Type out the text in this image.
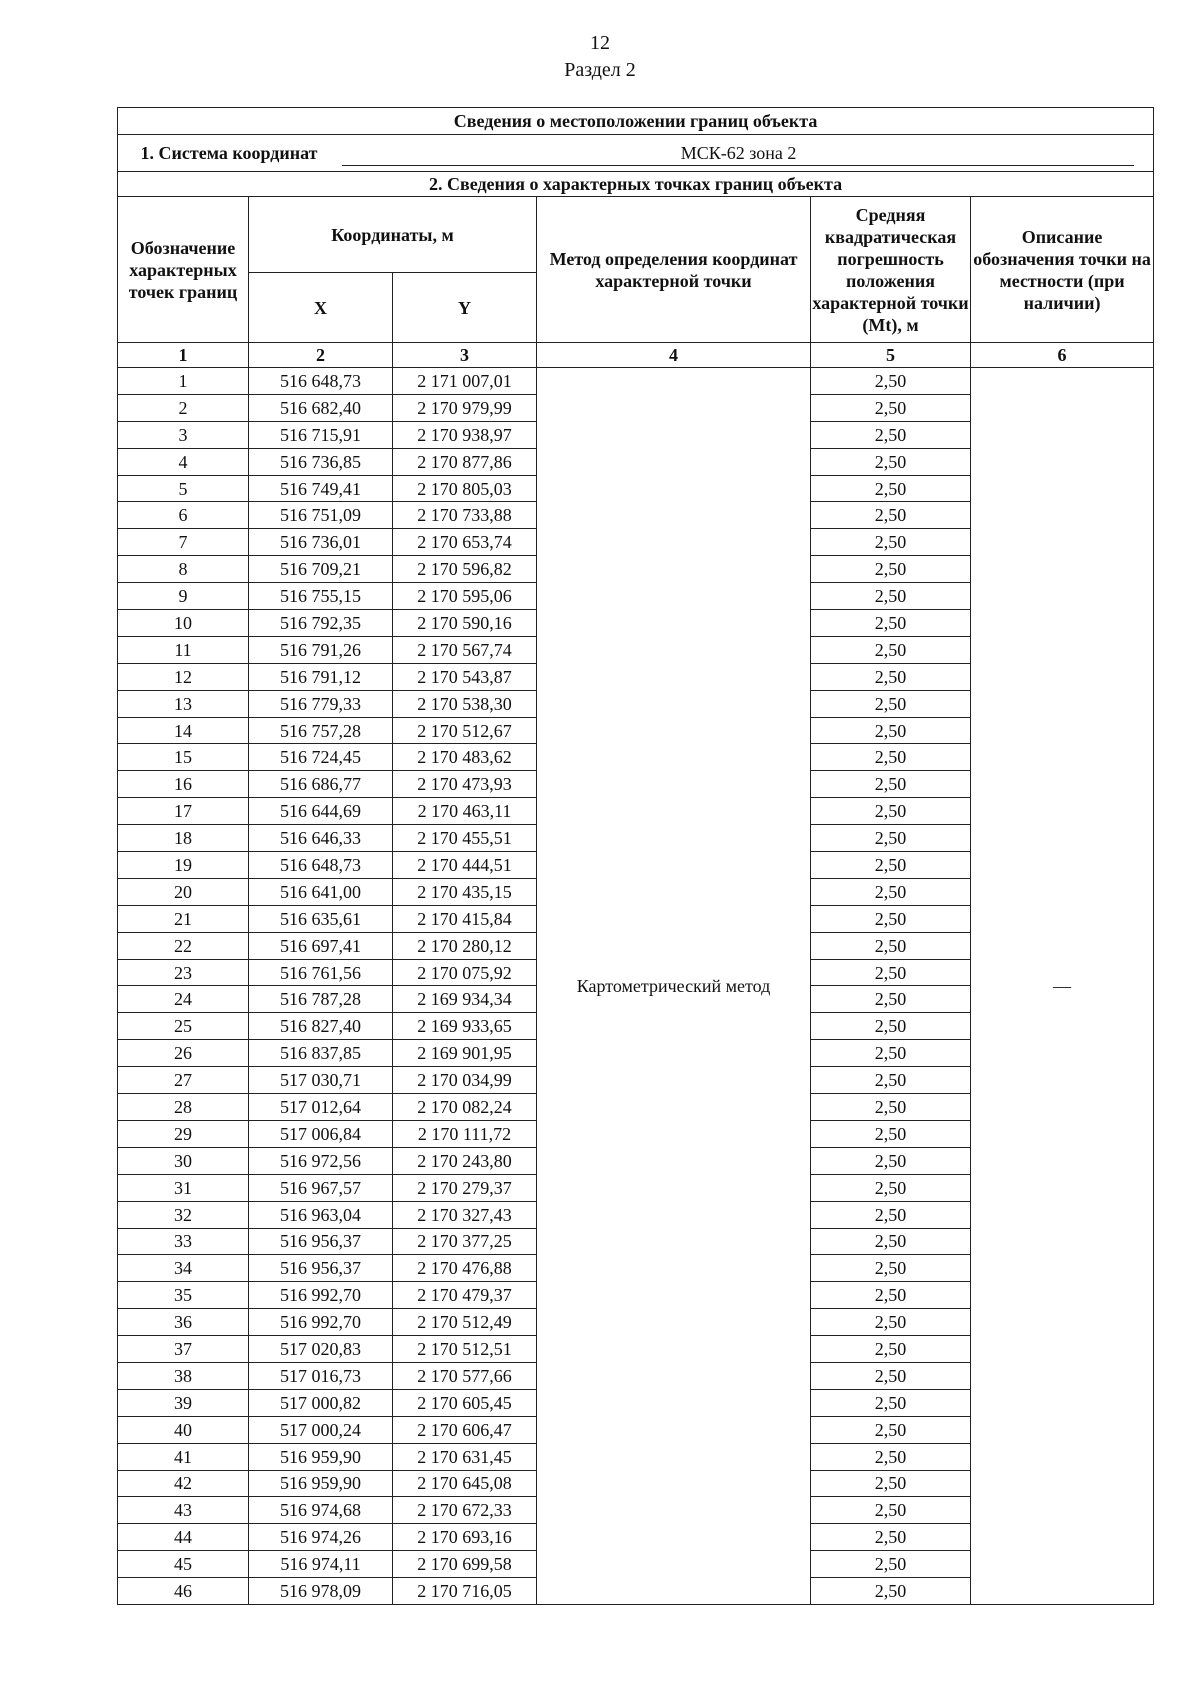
12
Раздел 2
Сведения о местоположении границ объекта					
1. Система координат МСК-62 зона 2					
2. Сведения о характерных точках границ объекта					
Обозначение характерных точек границ	Координаты, м		Метод определения координат характерной точки	Средняя квадратическая погрешность положения характерной точки (Mt), м	Описание обозначения точки на местности (при наличии)
	X	Y			
1	2	3	4	5	6
1	516 648,73	2 171 007,01	Картометрический метод	2,50	—
2	516 682,40	2 170 979,99		2,50	
3	516 715,91	2 170 938,97		2,50	
4	516 736,85	2 170 877,86		2,50	
5	516 749,41	2 170 805,03		2,50	
6	516 751,09	2 170 733,88		2,50	
7	516 736,01	2 170 653,74		2,50	
8	516 709,21	2 170 596,82		2,50	
9	516 755,15	2 170 595,06		2,50	
10	516 792,35	2 170 590,16		2,50	
11	516 791,26	2 170 567,74		2,50	
12	516 791,12	2 170 543,87		2,50	
13	516 779,33	2 170 538,30		2,50	
14	516 757,28	2 170 512,67		2,50	
15	516 724,45	2 170 483,62		2,50	
16	516 686,77	2 170 473,93		2,50	
17	516 644,69	2 170 463,11		2,50	
18	516 646,33	2 170 455,51		2,50	
19	516 648,73	2 170 444,51		2,50	
20	516 641,00	2 170 435,15		2,50	
21	516 635,61	2 170 415,84		2,50	
22	516 697,41	2 170 280,12		2,50	
23	516 761,56	2 170 075,92		2,50	
24	516 787,28	2 169 934,34		2,50	
25	516 827,40	2 169 933,65		2,50	
26	516 837,85	2 169 901,95		2,50	
27	517 030,71	2 170 034,99		2,50	
28	517 012,64	2 170 082,24		2,50	
29	517 006,84	2 170 111,72		2,50	
30	516 972,56	2 170 243,80		2,50	
31	516 967,57	2 170 279,37		2,50	
32	516 963,04	2 170 327,43		2,50	
33	516 956,37	2 170 377,25		2,50	
34	516 956,37	2 170 476,88		2,50	
35	516 992,70	2 170 479,37		2,50	
36	516 992,70	2 170 512,49		2,50	
37	517 020,83	2 170 512,51		2,50	
38	517 016,73	2 170 577,66		2,50	
39	517 000,82	2 170 605,45		2,50	
40	517 000,24	2 170 606,47		2,50	
41	516 959,90	2 170 631,45		2,50	
42	516 959,90	2 170 645,08		2,50	
43	516 974,68	2 170 672,33		2,50	
44	516 974,26	2 170 693,16		2,50	
45	516 974,11	2 170 699,58		2,50	
46	516 978,09	2 170 716,05		2,50	
